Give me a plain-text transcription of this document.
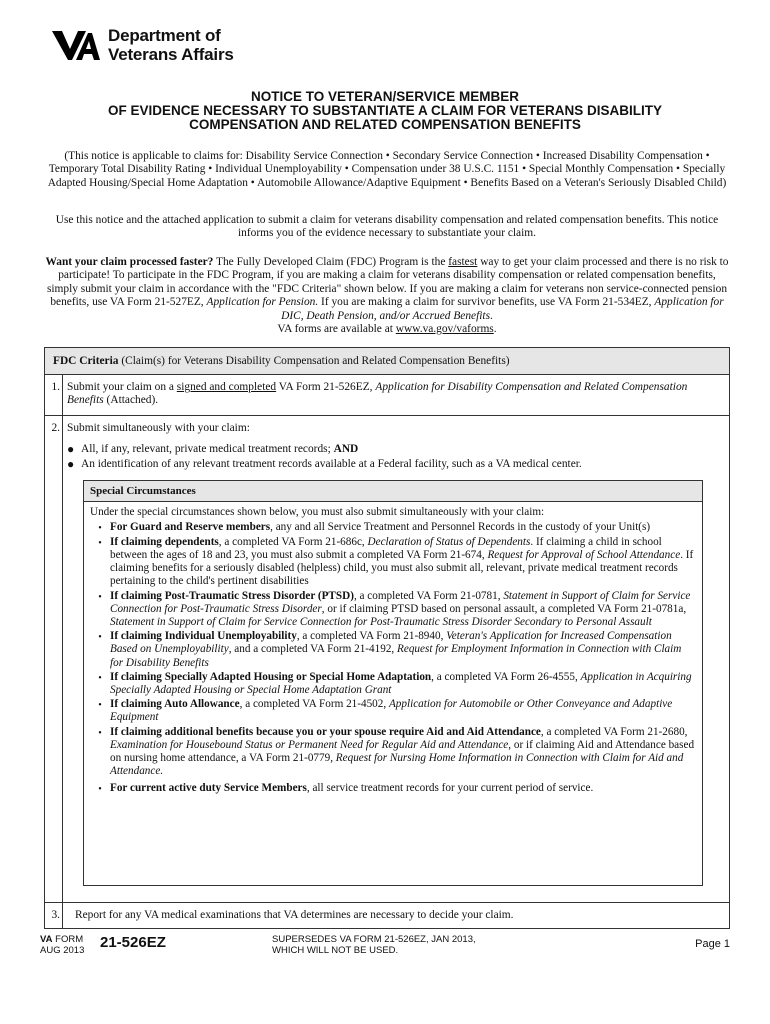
Department of
Veterans Affairs
NOTICE TO VETERAN/SERVICE MEMBER
OF EVIDENCE NECESSARY TO SUBSTANTIATE A CLAIM FOR VETERANS DISABILITY
COMPENSATION AND RELATED COMPENSATION BENEFITS
(This notice is applicable to claims for: Disability Service Connection • Secondary Service Connection • Increased Disability Compensation • Temporary Total Disability Rating • Individual Unemployability • Compensation under 38 U.S.C. 1151 • Special Monthly Compensation • Specially Adapted Housing/Special Home Adaptation • Automobile Allowance/Adaptive Equipment • Benefits Based on a Veteran's Seriously Disabled Child)
Use this notice and the attached application to submit a claim for veterans disability compensation and related compensation benefits. This notice informs you of the evidence necessary to substantiate your claim.
Want your claim processed faster? The Fully Developed Claim (FDC) Program is the fastest way to get your claim processed and there is no risk to participate! To participate in the FDC Program, if you are making a claim for veterans disability compensation or related compensation benefits, simply submit your claim in accordance with the "FDC Criteria" shown below. If you are making a claim for veterans non service-connected pension benefits, use VA Form 21-527EZ, Application for Pension. If you are making a claim for survivor benefits, use VA Form 21-534EZ, Application for DIC, Death Pension, and/or Accrued Benefits.
VA forms are available at www.va.gov/vaforms.
FDC Criteria (Claim(s) for Veterans Disability Compensation and Related Compensation Benefits)
1. Submit your claim on a signed and completed VA Form 21-526EZ, Application for Disability Compensation and Related Compensation Benefits (Attached).
2. Submit simultaneously with your claim:
● All, if any, relevant, private medical treatment records; AND
● An identification of any relevant treatment records available at a Federal facility, such as a VA medical center.
Special Circumstances
Under the special circumstances shown below, you must also submit simultaneously with your claim:
• For Guard and Reserve members, any and all Service Treatment and Personnel Records in the custody of your Unit(s)
• If claiming dependents, a completed VA Form 21-686c, Declaration of Status of Dependents. If claiming a child in school between the ages of 18 and 23, you must also submit a completed VA Form 21-674, Request for Approval of School Attendance. If claiming benefits for a seriously disabled (helpless) child, you must also submit all, relevant, private medical treatment records pertaining to the child's pertinent disabilities
• If claiming Post-Traumatic Stress Disorder (PTSD), a completed VA Form 21-0781, Statement in Support of Claim for Service Connection for Post-Traumatic Stress Disorder, or if claiming PTSD based on personal assault, a completed VA Form 21-0781a, Statement in Support of Claim for Service Connection for Post-Traumatic Stress Disorder Secondary to Personal Assault
• If claiming Individual Unemployability, a completed VA Form 21-8940, Veteran's Application for Increased Compensation Based on Unemployability, and a completed VA Form 21-4192, Request for Employment Information in Connection with Claim for Disability Benefits
• If claiming Specially Adapted Housing or Special Home Adaptation, a completed VA Form 26-4555, Application in Acquiring Specially Adapted Housing or Special Home Adaptation Grant
• If claiming Auto Allowance, a completed VA Form 21-4502, Application for Automobile or Other Conveyance and Adaptive Equipment
• If claiming additional benefits because you or your spouse require Aid and Aid Attendance, a completed VA Form 21-2680, Examination for Housebound Status or Permanent Need for Regular Aid and Attendance, or if claiming Aid and Attendance based on nursing home attendance, a VA Form 21-0779, Request for Nursing Home Information in Connection with Claim for Aid and Attendance.
• For current active duty Service Members, all service treatment records for your current period of service.
3.	Report for any VA medical examinations that VA determines are necessary to decide your claim.
VA FORM
AUG 2013 21-526EZ	SUPERSEDES VA FORM 21-526EZ, JAN 2013,
WHICH WILL NOT BE USED.
Page 1
